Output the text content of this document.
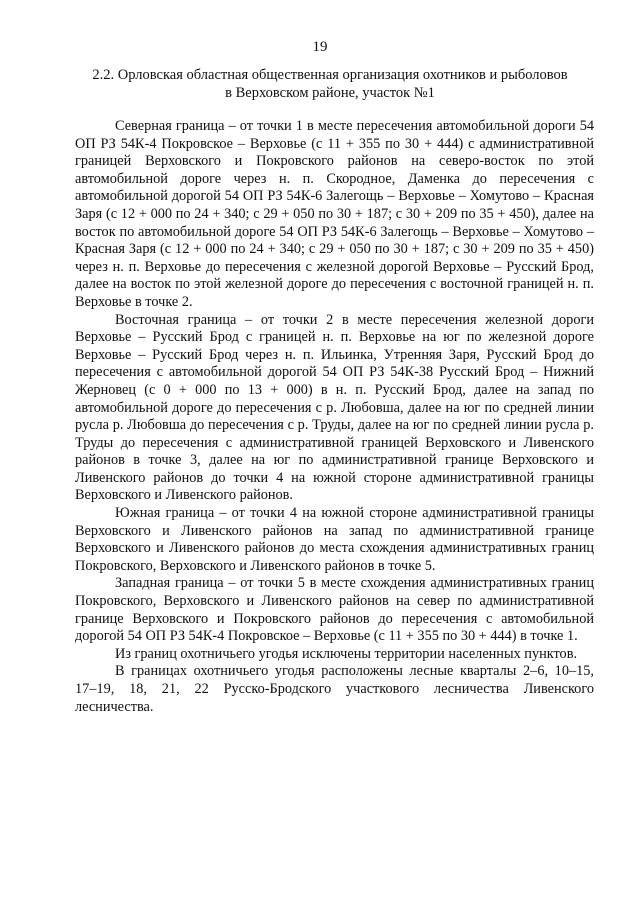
19
2.2. Орловская областная общественная организация охотников и рыболовов
в Верховском районе, участок №1

Северная граница – от точки 1 в месте пересечения автомобильной дороги 54 ОП РЗ 54К-4 Покровское – Верховье (с 11 + 355 по 30 + 444) с административной границей Верховского и Покровского районов на северо-восток по этой автомобильной дороге через н. п. Скородное, Даменка до пересечения с автомобильной дорогой 54 ОП РЗ 54К-6 Залегощь – Верховье – Хомутово – Красная Заря (с 12 + 000 по 24 + 340; с 29 + 050 по 30 + 187; с 30 + 209 по 35 + 450), далее на восток по автомобильной дороге 54 ОП РЗ 54К-6 Залегощь – Верховье – Хомутово – Красная Заря (с 12 + 000 по 24 + 340; с 29 + 050 по 30 + 187; с 30 + 209 по 35 + 450) через н. п. Верховье до пересечения с железной дорогой Верховье – Русский Брод, далее на восток по этой железной дороге до пересечения с восточной границей н. п. Верховье в точке 2.

Восточная граница – от точки 2 в месте пересечения железной дороги Верховье – Русский Брод с границей н. п. Верховье на юг по железной дороге Верховье – Русский Брод через н. п. Ильинка, Утренняя Заря, Русский Брод до пересечения с автомобильной дорогой 54 ОП РЗ 54К-38 Русский Брод – Нижний Жерновец (с 0 + 000 по 13 + 000) в н. п. Русский Брод, далее на запад по автомобильной дороге до пересечения с р. Любовша, далее на юг по средней линии русла р. Любовша до пересечения с р. Труды, далее на юг по средней линии русла р. Труды до пересечения с административной границей Верховского и Ливенского районов в точке 3, далее на юг по административной границе Верховского и Ливенского районов до точки 4 на южной стороне административной границы Верховского и Ливенского районов.

Южная граница – от точки 4 на южной стороне административной границы Верховского и Ливенского районов на запад по административной границе Верховского и Ливенского районов до места схождения административных границ Покровского, Верховского и Ливенского районов в точке 5.

Западная граница – от точки 5 в месте схождения административных границ Покровского, Верховского и Ливенского районов на север по административной границе Верховского и Покровского районов до пересечения с автомобильной дорогой 54 ОП РЗ 54К-4 Покровское – Верховье (с 11 + 355 по 30 + 444) в точке 1.

Из границ охотничьего угодья исключены территории населенных пунктов.

В границах охотничьего угодья расположены лесные кварталы 2–6, 10–15, 17–19, 18, 21, 22 Русско-Бродского участкового лесничества Ливенского лесничества.
